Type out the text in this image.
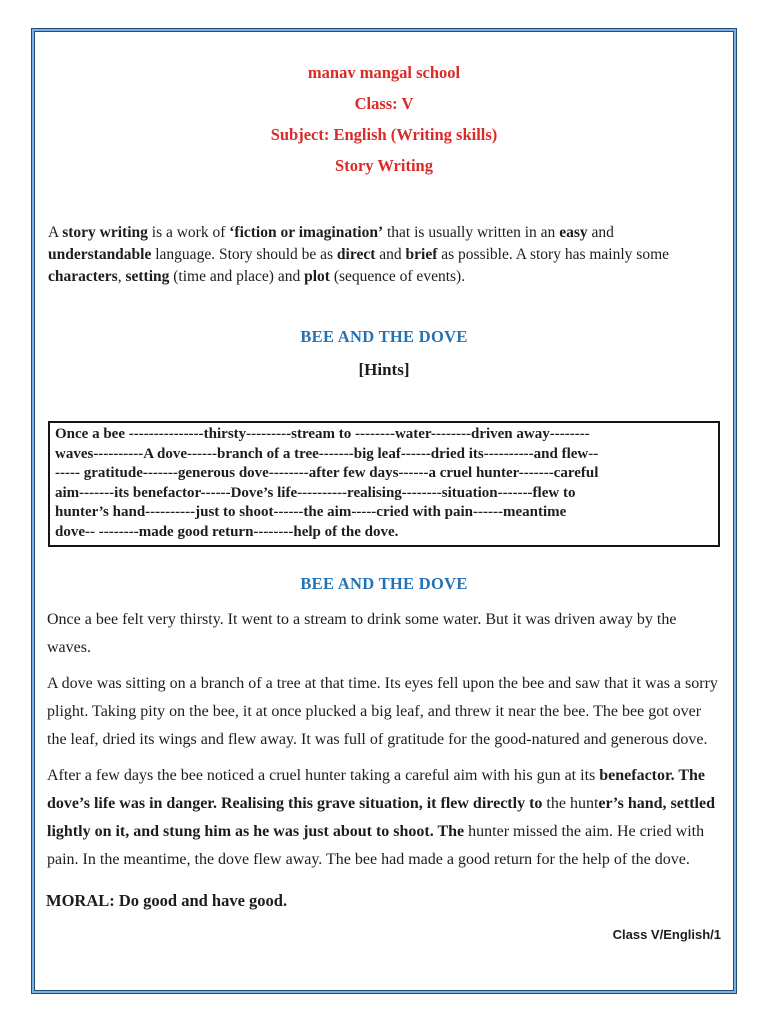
manav mangal school
Class: V
Subject: English (Writing skills)
Story Writing
A story writing is a work of ‘fiction or imagination’ that is usually written in an easy and understandable language. Story should be as direct and brief as possible. A story has mainly some characters, setting (time and place) and plot (sequence of events).
BEE AND THE DOVE
[Hints]
Once a bee ---------------thirsty---------stream to --------water--------driven away--------
waves----------A dove------branch of a tree-------big leaf------dried its----------and flew--
----- gratitude-------generous dove--------after few days------a cruel hunter-------careful
aim-------its benefactor------Dove’s life----------realising--------situation-------flew to
hunter’s hand----------just to shoot------the aim-----cried with pain------meantime
dove-- --------made good return--------help of the dove.
BEE AND THE DOVE
Once a bee felt very thirsty. It went to a stream to drink some water. But it was driven away by the waves.
A dove was sitting on a branch of a tree at that time. Its eyes fell upon the bee and saw that it was a sorry plight. Taking pity on the bee, it at once plucked a big leaf, and threw it near the bee. The bee got over the leaf, dried its wings and flew away. It was full of gratitude for the good-natured and generous dove.
After a few days the bee noticed a cruel hunter taking a careful aim with his gun at its benefactor. The dove’s life was in danger. Realising this grave situation, it flew directly to the hunter’s hand, settled lightly on it, and stung him as he was just about to shoot. The hunter missed the aim. He cried with pain. In the meantime, the dove flew away. The bee had made a good return for the help of the dove.
MORAL: Do good and have good.
Class V/English/1
